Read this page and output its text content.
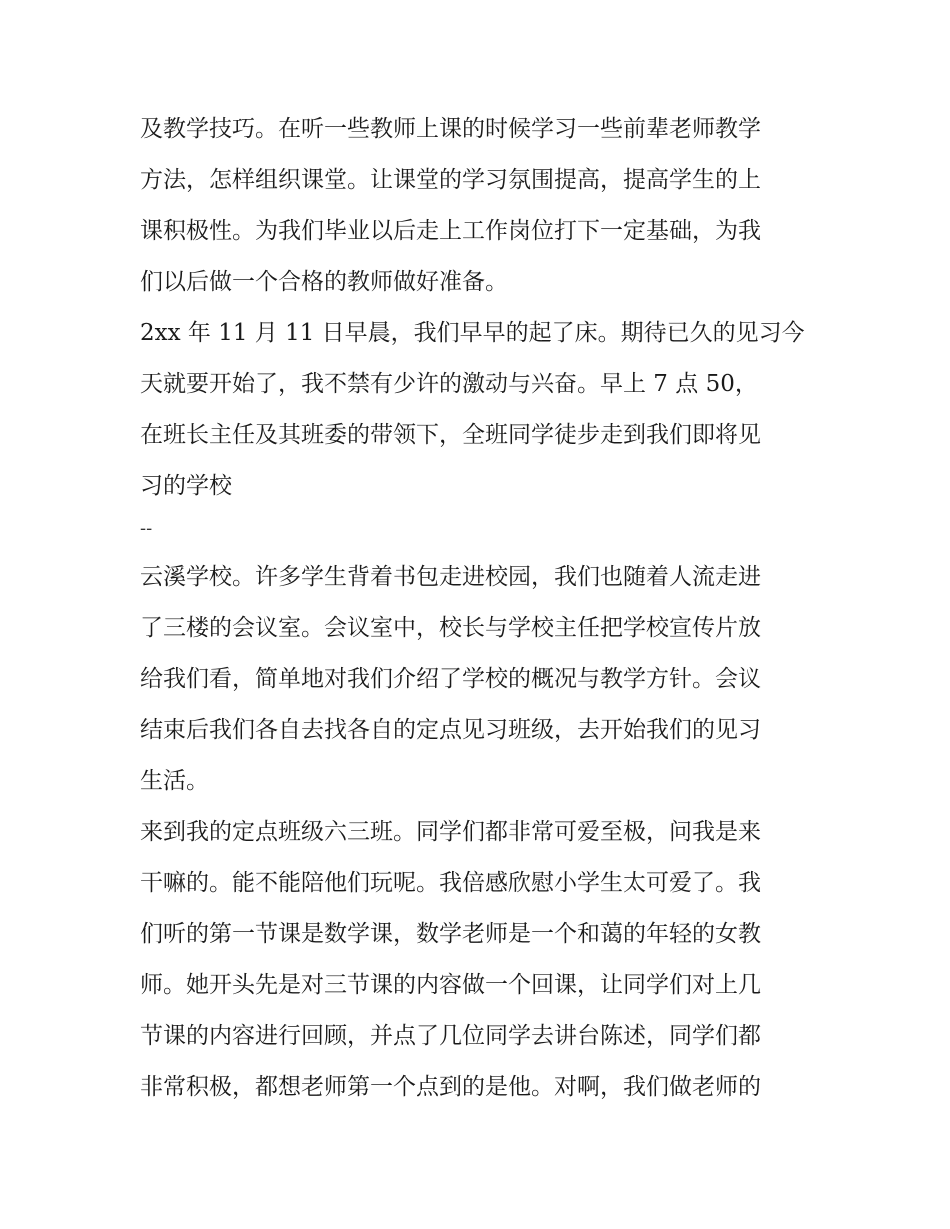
及教学技巧。在听一些教师上课的时候学习一些前辈老师教学
方法，怎样组织课堂。让课堂的学习氛围提高，提高学生的上
课积极性。为我们毕业以后走上工作岗位打下一定基础，为我
们以后做一个合格的教师做好准备。
2xx 年 11 月 11 日早晨，我们早早的起了床。期待已久的见习今
天就要开始了，我不禁有少许的激动与兴奋。早上 7 点 50，
在班长主任及其班委的带领下，全班同学徒步走到我们即将见
习的学校
--
云溪学校。许多学生背着书包走进校园，我们也随着人流走进
了三楼的会议室。会议室中，校长与学校主任把学校宣传片放
给我们看，简单地对我们介绍了学校的概况与教学方针。会议
结束后我们各自去找各自的定点见习班级，去开始我们的见习
生活。
来到我的定点班级六三班。同学们都非常可爱至极，问我是来
干嘛的。能不能陪他们玩呢。我倍感欣慰小学生太可爱了。我
们听的第一节课是数学课，数学老师是一个和蔼的年轻的女教
师。她开头先是对三节课的内容做一个回课，让同学们对上几
节课的内容进行回顾，并点了几位同学去讲台陈述，同学们都
非常积极，都想老师第一个点到的是他。对啊，我们做老师的
